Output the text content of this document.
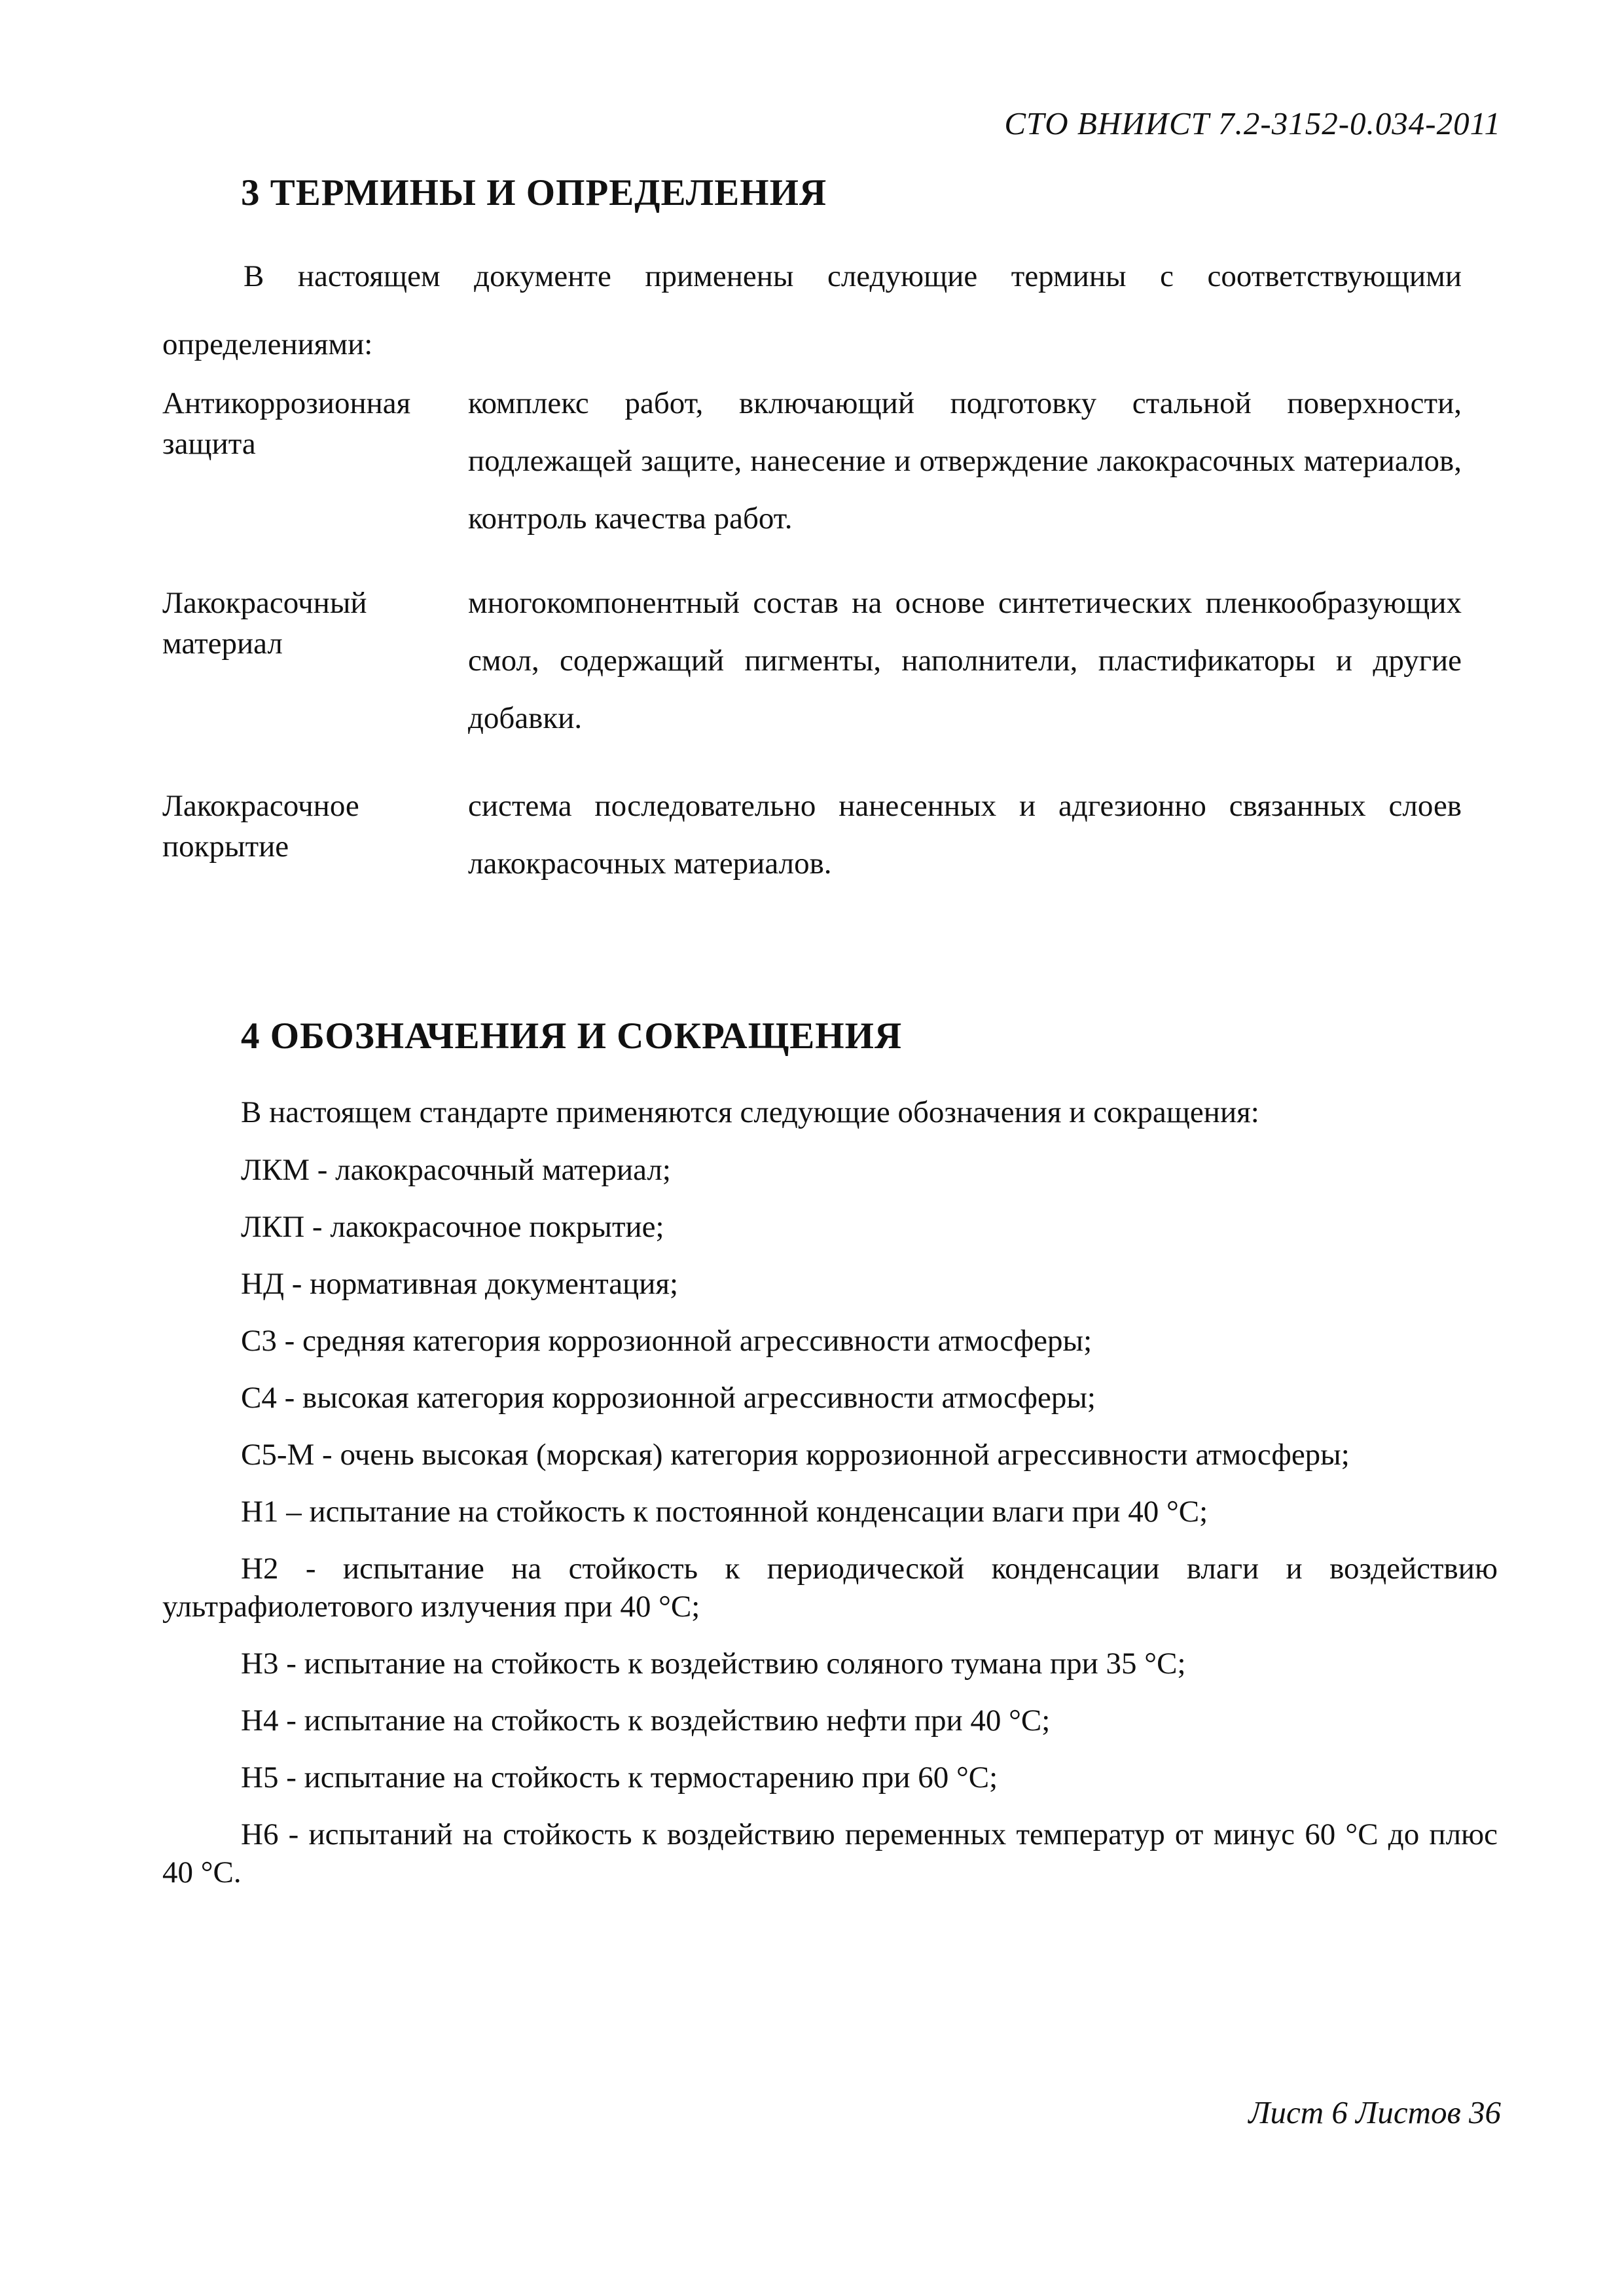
СТО ВНИИСТ 7.2-3152-0.034-2011
3 ТЕРМИНЫ И ОПРЕДЕЛЕНИЯ

В настоящем документе применены следующие термины с соответствующими определениями:

Антикоррозионная защита
комплекс работ, включающий подготовку стальной поверхности, подлежащей защите, нанесение и отверждение лакокрасочных материалов, контроль качества работ.
Лакокрасочный материал
многокомпонентный состав на основе синтетических пленкообразующих смол, содержащий пигменты, наполнители, пластификаторы и другие добавки.
Лакокрасочное покрытие
система последовательно нанесенных и адгезионно связанных слоев лакокрасочных материалов.
4 ОБОЗНАЧЕНИЯ И СОКРАЩЕНИЯ

В настоящем стандарте применяются следующие обозначения и сокращения:

ЛКМ - лакокрасочный материал;

ЛКП - лакокрасочное покрытие;

НД - нормативная документация;

С3 - средняя категория коррозионной агрессивности атмосферы;

С4 - высокая категория коррозионной агрессивности атмосферы;

С5-М - очень высокая (морская) категория коррозионной агрессивности атмосферы;

Н1 – испытание на стойкость к постоянной конденсации влаги при 40 °С;

Н2 - испытание на стойкость к периодической конденсации влаги и воздействию ультрафиолетового излучения при 40 °С;

Н3 - испытание на стойкость к воздействию соляного тумана при 35 °С;

Н4 - испытание на стойкость к воздействию нефти при 40 °С;

Н5 - испытание на стойкость к термостарению при 60 °С;

Н6 - испытаний на стойкость к воздействию переменных температур от минус 60 °С до плюс 40 °С.

Лист 6 Листов 36
